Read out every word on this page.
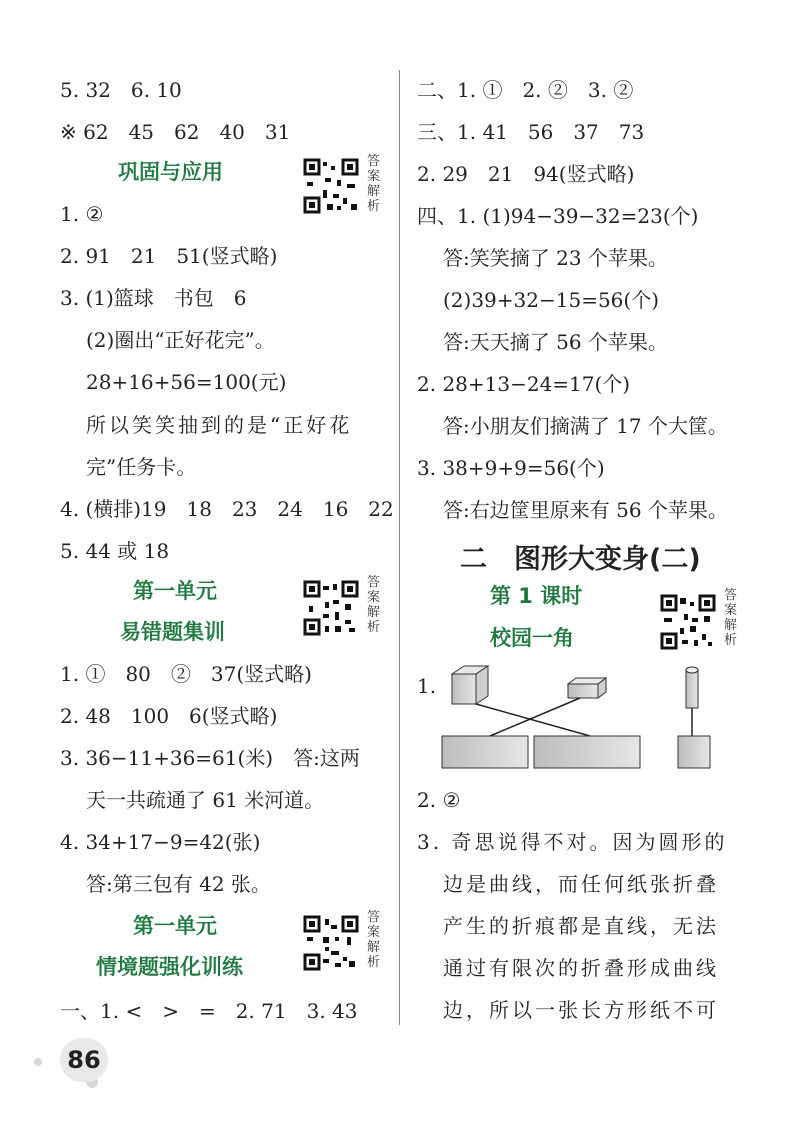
5. 32　6. 10
※ 62　45　62　40　31
巩固与应用	答案解析
1. ②
2. 91　21　51(竖式略)
3. (1)篮球　书包　6
(2)圈出“正好花完”。
28+16+56=100(元)
所以笑笑抽到的是“正好花
完”任务卡。
4. (横排)19　18　23　24　16　22
5. 44 或 18
第一单元
易错题集训
答案解析
1. ①　80　②　37(竖式略)
2. 48　100　6(竖式略)
3. 36−11+36=61(米)　答:这两
天一共疏通了 61 米河道。
4. 34+17−9=42(张)
答:第三包有 42 张。
第一单元
情境题强化训练
答案解析
一、1. <　>　=　2. 71　3. 43
二、1. ①　2. ②　3. ②
三、1. 41　56　37　73
2. 29　21　94(竖式略)
四、1. (1)94−39−32=23(个)
答:笑笑摘了 23 个苹果。
(2)39+32−15=56(个)
答:天天摘了 56 个苹果。
2. 28+13−24=17(个)
答:小朋友们摘满了 17 个大筐。
3. 38+9+9=56(个)
答:右边筐里原来有 56 个苹果。
二　图形大变身(二)
第 1 课时
校园一角
答案解析
1.
2. ②
3. 奇思说得不对。因为圆形的
边是曲线，而任何纸张折叠
产生的折痕都是直线，无法
通过有限次的折叠形成曲线
边，所以一张长方形纸不可
86
